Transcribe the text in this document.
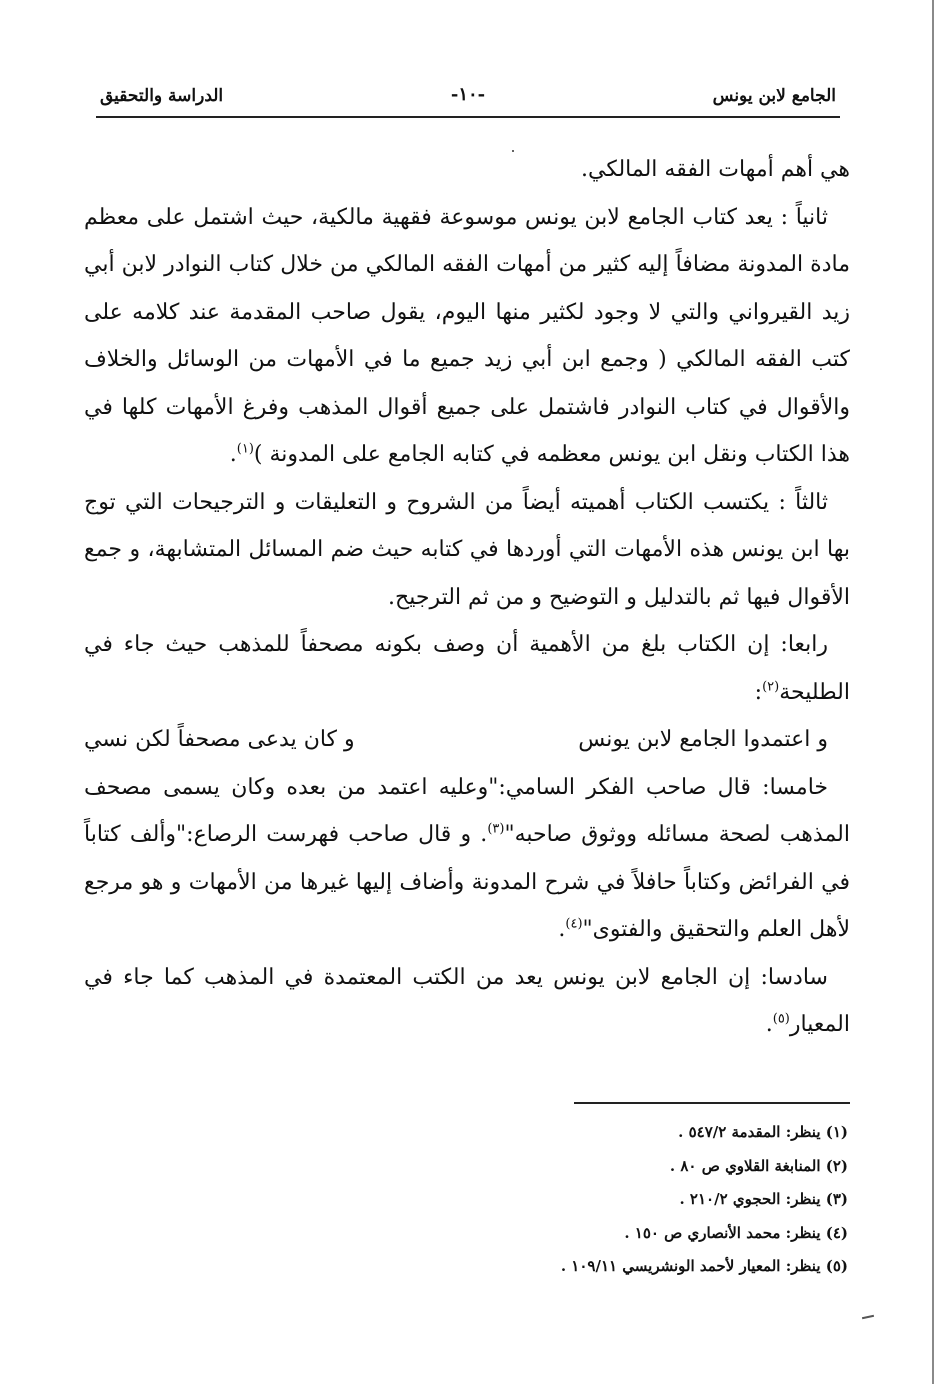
الجامع لابن يونس
-١٠-
الدراسة والتحقيق

هي أهم أمهات الفقه المالكي.

ثانياً : يعد كتاب الجامع لابن يونس موسوعة فقهية مالكية، حيث اشتمل على معظم مادة المدونة مضافاً إليه كثير من أمهات الفقه المالكي من خلال كتاب النوادر لابن أبي زيد القيرواني والتي لا وجود لكثير منها اليوم، يقول صاحب المقدمة عند كلامه على كتب الفقه المالكي ( وجمع ابن أبي زيد جميع ما في الأمهات من الوسائل والخلاف والأقوال في كتاب النوادر فاشتمل على جميع أقوال المذهب وفرغ الأمهات كلها في هذا الكتاب ونقل ابن يونس معظمه في كتابه الجامع على المدونة )$^{(١)}$.

ثالثاً : يكتسب الكتاب أهميته أيضاً من الشروح و التعليقات و الترجيحات التي توج بها ابن يونس هذه الأمهات التي أوردها في كتابه حيث ضم المسائل المتشابهة، و جمع الأقوال فيها ثم بالتدليل و التوضيح و من ثم الترجيح.

رابعا: إن الكتاب بلغ من الأهمية أن وصف بكونه مصحفاً للمذهب حيث جاء في الطليحة$^{(٢)}$:

و اعتمدوا الجامع لابن يونس
و كان يدعى مصحفاً لكن نسي

خامسا: قال صاحب الفكر السامي:"وعليه اعتمد من بعده وكان يسمى مصحف المذهب لصحة مسائله ووثوق صاحبه"$^{(٣)}$. و قال صاحب فهرست الرصاع:"وألف كتاباً في الفرائض وكتاباً حافلاً في شرح المدونة وأضاف إليها غيرها من الأمهات و هو مرجع لأهل العلم والتحقيق والفتوى"$^{(٤)}$.

سادسا: إن الجامع لابن يونس يعد من الكتب المعتمدة في المذهب كما جاء في المعيار$^{(٥)}$.

(١) ينظر: المقدمة ٥٤٧/٢ .
(٢) المنابغة القلاوي ص ٨٠ .
(٣) ينظر: الحجوي ٢١٠/٢ .
(٤) ينظر: محمد الأنصاري ص ١٥٠ .
(٥) ينظر: المعيار لأحمد الونشريسي ١٠٩/١١ .
